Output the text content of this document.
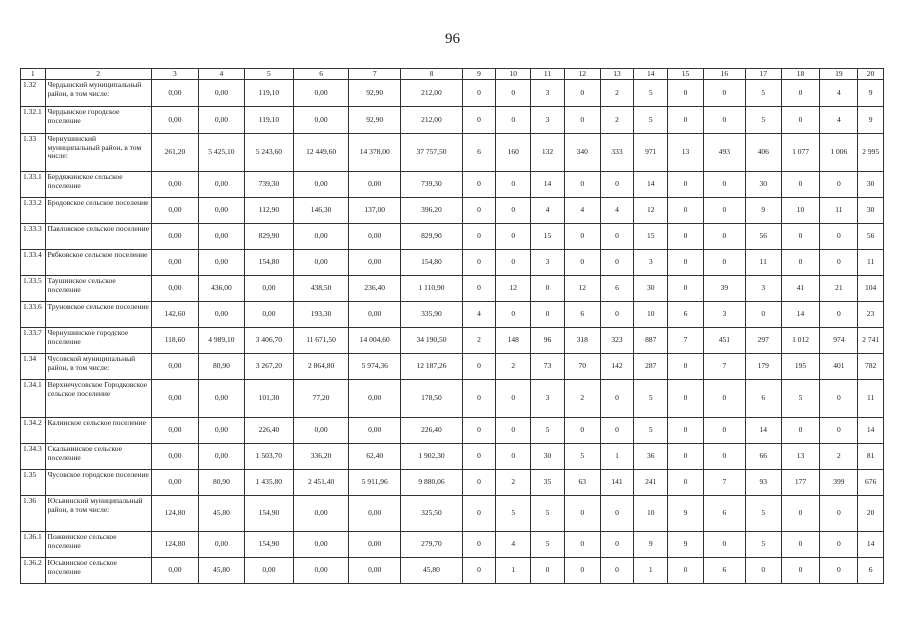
96
1	2	3	4	5	6	7	8	9	10	11	12	13	14	15	16	17	18	19	20
1.32	Чердынский муниципальный район, в том числе:	0,00	0,00	119,10	0,00	92,90	212,00	0	0	3	0	2	5	0	0	5	0	4	9
1.32.1	Чердынское городское поселение	0,00	0,00	119,10	0,00	92,90	212,00	0	0	3	0	2	5	0	0	5	0	4	9
1.33	Чернушинский муниципальный район, в том числе:	261,20	5 425,10	5 243,60	12 449,60	14 378,00	37 757,50	6	160	132	340	333	971	13	493	406	1 077	1 006	2 995
1.33.1	Бердяжинское сельское поселение	0,00	0,00	739,30	0,00	0,00	739,30	0	0	14	0	0	14	0	0	30	0	0	30
1.33.2	Бродовское сельское поселение	0,00	0,00	112,90	146,30	137,00	396,20	0	0	4	4	4	12	0	0	9	10	11	30
1.33.3	Павловское сельское поселение	0,00	0,00	829,90	0,00	0,00	829,90	0	0	15	0	0	15	0	0	56	0	0	56
1.33.4	Рябковское сельское поселение	0,00	0,00	154,80	0,00	0,00	154,80	0	0	3	0	0	3	0	0	11	0	0	11
1.33.5	Таушинское сельское поселение	0,00	436,00	0,00	438,50	236,40	1 110,90	0	12	0	12	6	30	0	39	3	41	21	104
1.33.6	Труновское сельское поселение	142,60	0,00	0,00	193,30	0,00	335,90	4	0	0	6	0	10	6	3	0	14	0	23
1.33.7	Чернушинское городское поселение	118,60	4 989,10	3 406,70	11 671,50	14 004,60	34 190,50	2	148	96	318	323	887	7	451	297	1 012	974	2 741
1.34	Чусовской муниципальный район, в том числе:	0,00	80,90	3 267,20	2 864,80	5 974,36	12 187,26	0	2	73	70	142	287	0	7	179	195	401	782
1.34.1	Верхнечусовское Городковское сельское поселение	0,00	0,00	101,30	77,20	0,00	178,50	0	0	3	2	0	5	0	0	6	5	0	11
1.34.2	Калинское сельское поселение	0,00	0,00	226,40	0,00	0,00	226,40	0	0	5	0	0	5	0	0	14	0	0	14
1.34.3	Скальнинское сельское поселение	0,00	0,00	1 503,70	336,20	62,40	1 902,30	0	0	30	5	1	36	0	0	66	13	2	81
1.35	Чусовское городское поселение	0,00	80,90	1 435,80	2 451,40	5 911,96	9 880,06	0	2	35	63	141	241	0	7	93	177	399	676
1.36	Юсьвинский муниципальный район, в том числе:	124,80	45,80	154,90	0,00	0,00	325,50	0	5	5	0	0	10	9	6	5	0	0	20
1.36.1	Пожвинское сельское поселение	124,80	0,00	154,90	0,00	0,00	279,70	0	4	5	0	0	9	9	0	5	0	0	14
1.36.2	Юсьвинское сельское поселение	0,00	45,80	0,00	0,00	0,00	45,80	0	1	0	0	0	1	0	6	0	0	0	6
